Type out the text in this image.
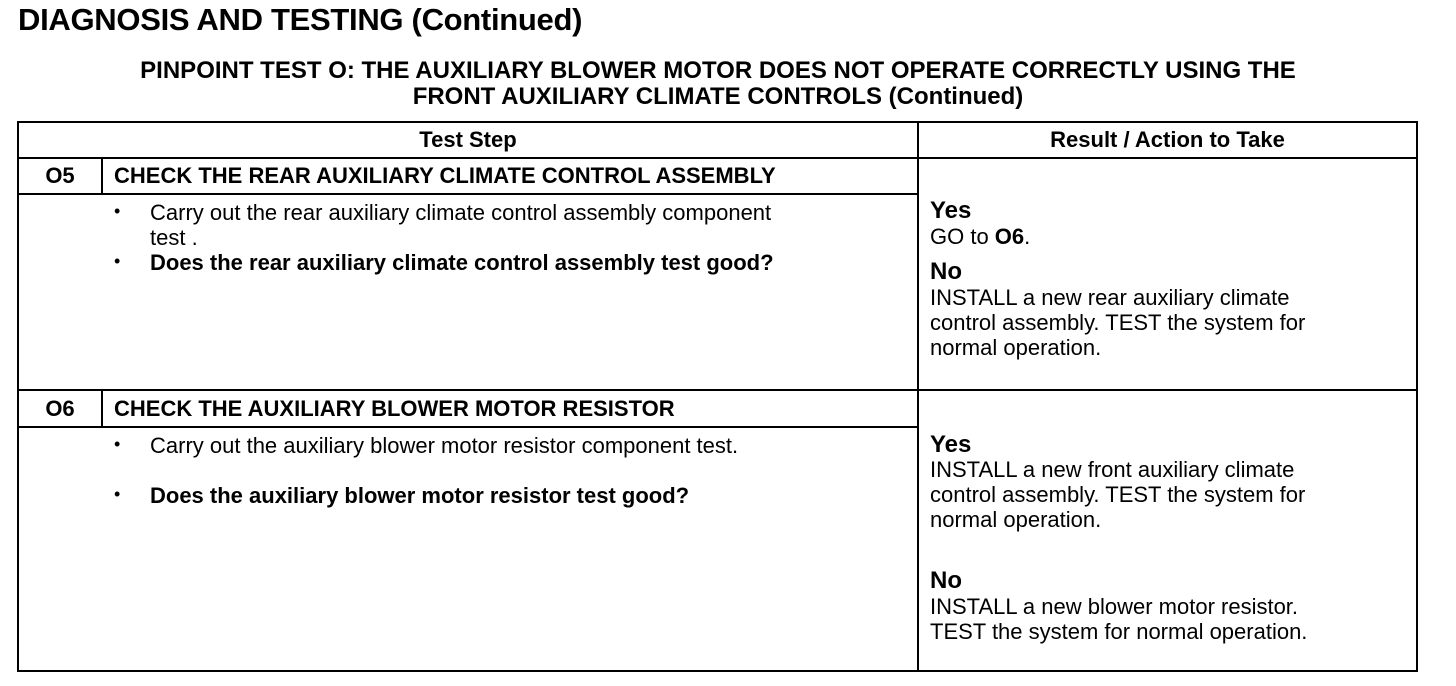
DIAGNOSIS AND TESTING (Continued)
PINPOINT TEST O: THE AUXILIARY BLOWER MOTOR DOES NOT OPERATE CORRECTLY USING THE
FRONT AUXILIARY CLIMATE CONTROLS (Continued)
Test Step	Result / Action to Take
O5	CHECK THE REAR AUXILIARY CLIMATE CONTROL ASSEMBLY
• Carry out the rear auxiliary climate control assembly component
test .
• Does the rear auxiliary climate control assembly test good?
Yes
GO to O6.
No
INSTALL a new rear auxiliary climate
control assembly. TEST the system for
normal operation.
O6	CHECK THE AUXILIARY BLOWER MOTOR RESISTOR
• Carry out the auxiliary blower motor resistor component test.
• Does the auxiliary blower motor resistor test good?
Yes
INSTALL a new front auxiliary climate
control assembly. TEST the system for
normal operation.
No
INSTALL a new blower motor resistor.
TEST the system for normal operation.
